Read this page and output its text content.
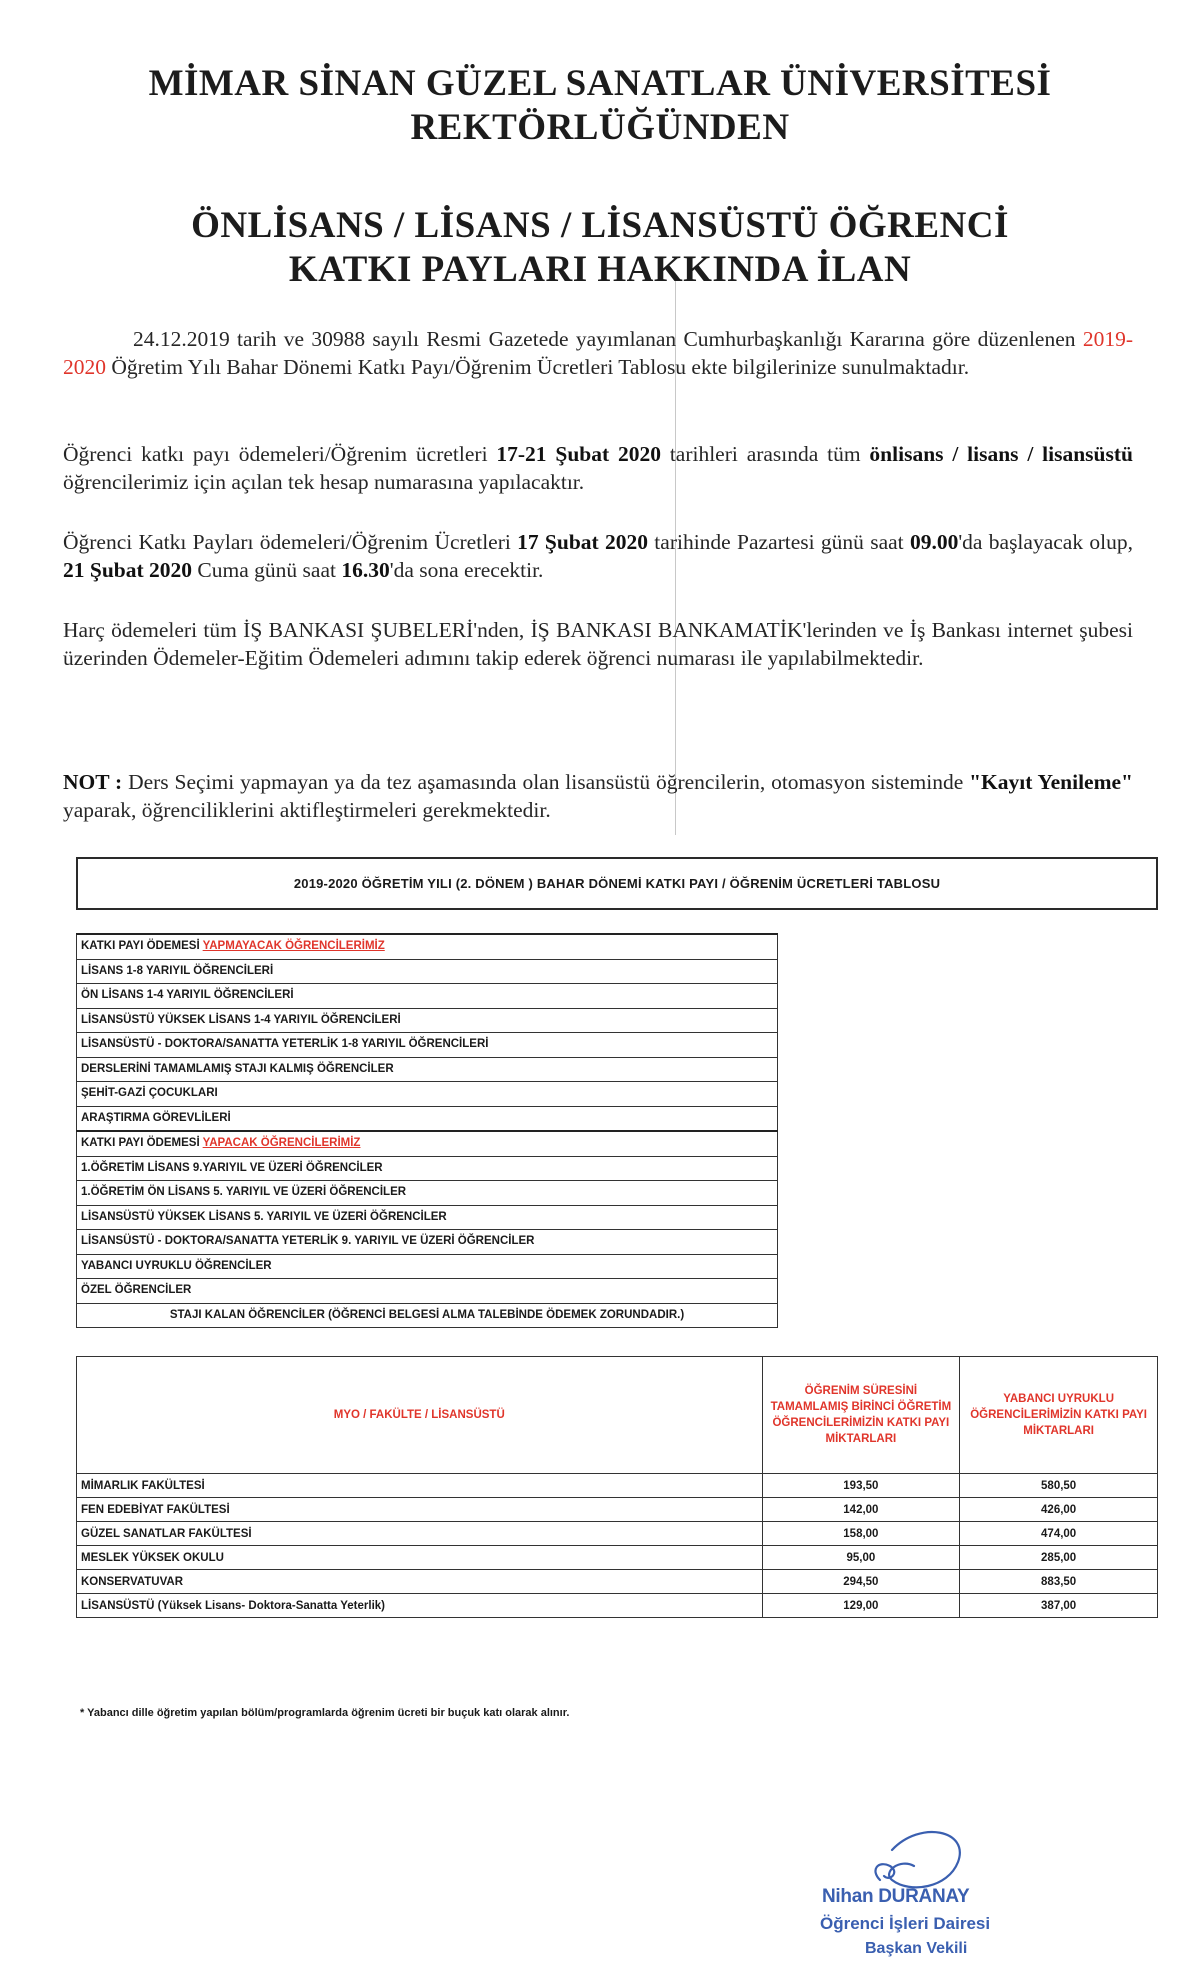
MİMAR SİNAN GÜZEL SANATLAR ÜNİVERSİTESİ
REKTÖRLÜĞÜNDEN
ÖNLİSANS / LİSANS / LİSANSÜSTÜ ÖĞRENCİ
KATKI PAYLARI HAKKINDA İLAN

24.12.2019 tarih ve 30988 sayılı Resmi Gazetede yayımlanan Cumhurbaşkanlığı Kararına göre düzenlenen 2019-2020 Öğretim Yılı Bahar Dönemi Katkı Payı/Öğrenim Ücretleri Tablosu ekte bilgilerinize sunulmaktadır.

Öğrenci katkı payı ödemeleri/Öğrenim ücretleri 17-21 Şubat 2020 tarihleri arasında tüm önlisans / lisans / lisansüstü öğrencilerimiz için açılan tek hesap numarasına yapılacaktır.

Öğrenci Katkı Payları ödemeleri/Öğrenim Ücretleri 17 Şubat 2020 tarihinde Pazartesi günü saat 09.00'da başlayacak olup, 21 Şubat 2020 Cuma günü saat 16.30'da sona erecektir.

Harç ödemeleri tüm İŞ BANKASI ŞUBELERİ'nden, İŞ BANKASI BANKAMATİK'lerinden ve İş Bankası internet şubesi üzerinden Ödemeler-Eğitim Ödemeleri adımını takip ederek öğrenci numarası ile yapılabilmektedir.

NOT : Ders Seçimi yapmayan ya da tez aşamasında olan lisansüstü öğrencilerin, otomasyon sisteminde "Kayıt Yenileme" yaparak, öğrenciliklerini aktifleştirmeleri gerekmektedir.

2019-2020 ÖĞRETİM YILI (2. DÖNEM ) BAHAR DÖNEMİ KATKI PAYI / ÖĞRENİM ÜCRETLERİ TABLOSU
KATKI PAYI ÖDEMESİ YAPMAYACAK ÖĞRENCİLERİMİZ
LİSANS 1-8 YARIYIL ÖĞRENCİLERİ
ÖN LİSANS 1-4 YARIYIL ÖĞRENCİLERİ
LİSANSÜSTÜ YÜKSEK LİSANS 1-4 YARIYIL ÖĞRENCİLERİ
LİSANSÜSTÜ - DOKTORA/SANATTA YETERLİK 1-8 YARIYIL ÖĞRENCİLERİ
DERSLERİNİ TAMAMLAMIŞ STAJI KALMIŞ ÖĞRENCİLER
ŞEHİT-GAZİ ÇOCUKLARI
ARAŞTIRMA GÖREVLİLERİ
KATKI PAYI ÖDEMESİ YAPACAK ÖĞRENCİLERİMİZ
1.ÖĞRETİM LİSANS 9.YARIYIL VE ÜZERİ ÖĞRENCİLER
1.ÖĞRETİM ÖN LİSANS 5. YARIYIL VE ÜZERİ ÖĞRENCİLER
LİSANSÜSTÜ YÜKSEK LİSANS 5. YARIYIL VE ÜZERİ ÖĞRENCİLER
LİSANSÜSTÜ - DOKTORA/SANATTA YETERLİK 9. YARIYIL VE ÜZERİ ÖĞRENCİLER
YABANCI UYRUKLU ÖĞRENCİLER
ÖZEL ÖĞRENCİLER
STAJI KALAN ÖĞRENCİLER (ÖĞRENCİ BELGESİ ALMA TALEBİNDE ÖDEMEK ZORUNDADIR.)
MYO / FAKÜLTE / LİSANSÜSTÜ	ÖĞRENİM SÜRESİNİ TAMAMLAMIŞ BİRİNCİ ÖĞRETİM ÖĞRENCİLERİMİZİN KATKI PAYI MİKTARLARI	YABANCI UYRUKLU ÖĞRENCİLERİMİZİN KATKI PAYI MİKTARLARI
MİMARLIK FAKÜLTESİ	193,50	580,50
FEN EDEBİYAT FAKÜLTESİ	142,00	426,00
GÜZEL SANATLAR FAKÜLTESİ	158,00	474,00
MESLEK YÜKSEK OKULU	95,00	285,00
KONSERVATUVAR	294,50	883,50
LİSANSÜSTÜ (Yüksek Lisans- Doktora-Sanatta Yeterlik)	129,00	387,00
* Yabancı dille öğretim yapılan bölüm/programlarda öğrenim ücreti bir buçuk katı olarak alınır.
Nihan DURANAY
Öğrenci İşleri Dairesi
Başkan Vekili
